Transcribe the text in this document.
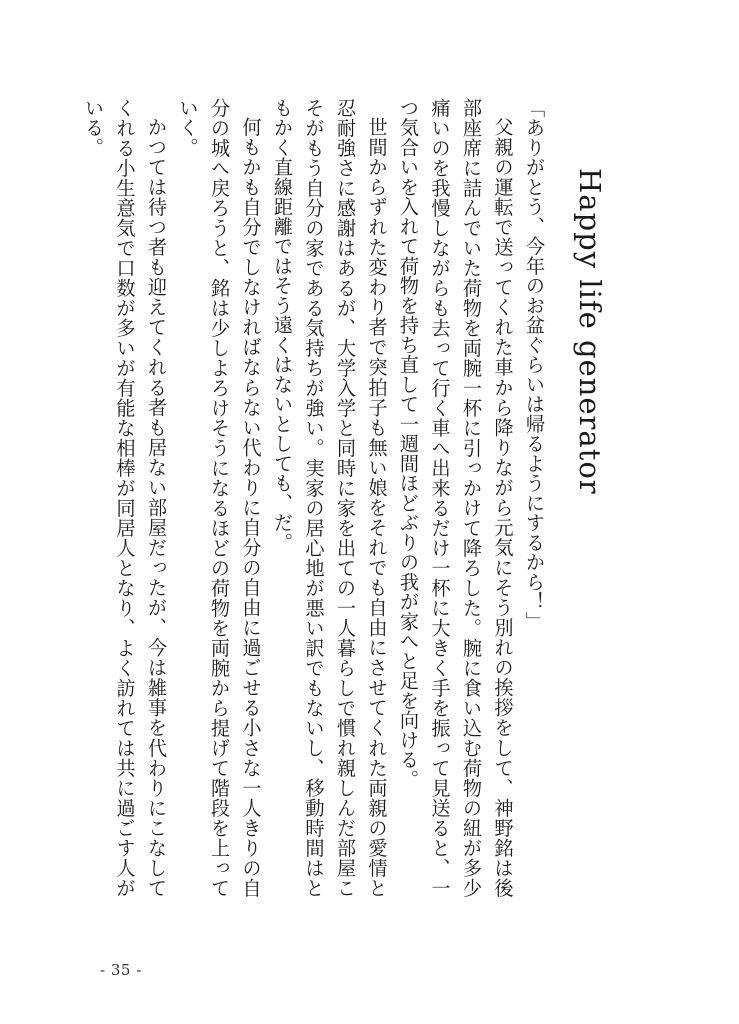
Happy life generator

「ありがとう、今年のお盆ぐらいは帰るようにするから！」

父親の運転で送ってくれた車から降りながら元気にそう別れの挨拶をして、神野銘は後部座席に詰んでいた荷物を両腕一杯に引っかけて降ろした。腕に食い込む荷物の紐が多少痛いのを我慢しながらも去って行く車へ出来るだけ一杯に大きく手を振って見送ると、一つ気合いを入れて荷物を持ち直して一週間ほどぶりの我が家へと足を向ける。

世間からずれた変わり者で突拍子も無い娘をそれでも自由にさせてくれた両親の愛情と忍耐強さに感謝はあるが、大学入学と同時に家を出ての一人暮らしで慣れ親しんだ部屋こそがもう自分の家である気持ちが強い。実家の居心地が悪い訳でもないし、移動時間はともかく直線距離ではそう遠くはないとしても、だ。

何もかも自分でしなければならない代わりに自分の自由に過ごせる小さな一人きりの自分の城へ戻ろうと、銘は少しよろけそうになるほどの荷物を両腕から提げて階段を上っていく。

かつては待つ者も迎えてくれる者も居ない部屋だったが、今は雑事を代わりにこなしてくれる小生意気で口数が多いが有能な相棒が同居人となり、よく訪れては共に過ごす人がいる。

- 35 -
